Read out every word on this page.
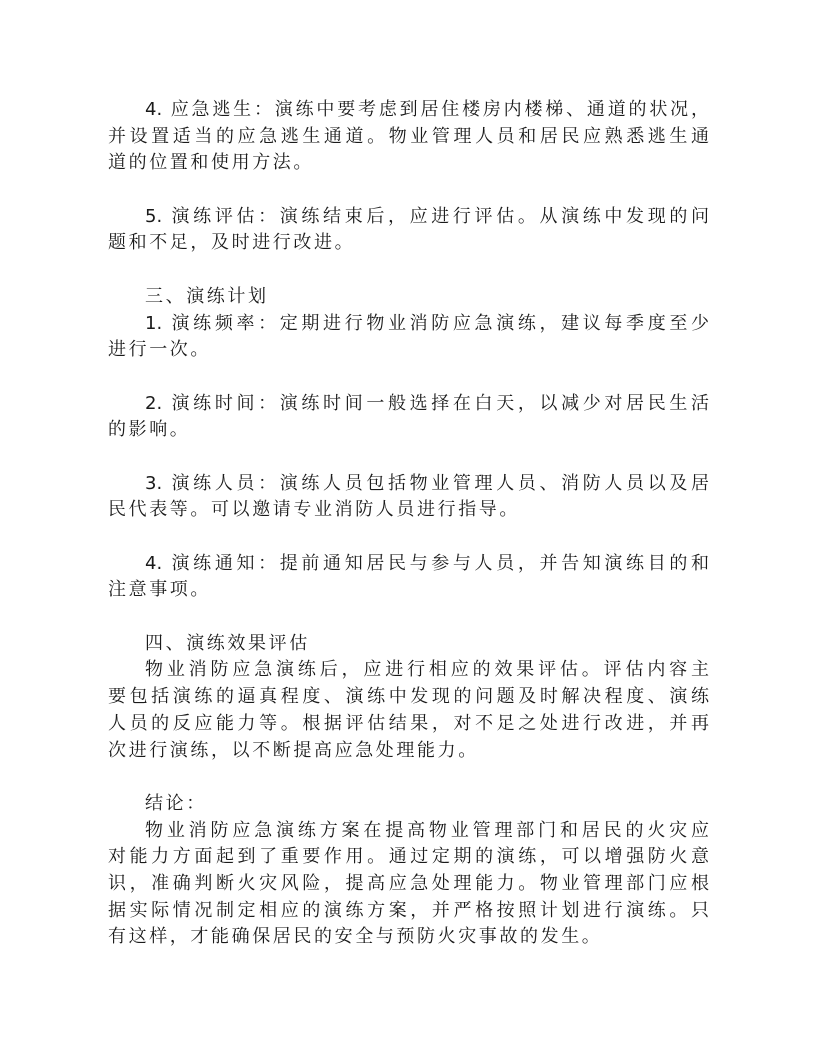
4. 应急逃生：演练中要考虑到居住楼房内楼梯、通道的状况，
并设置适当的应急逃生通道。物业管理人员和居民应熟悉逃生通
道的位置和使用方法。
5. 演练评估：演练结束后，应进行评估。从演练中发现的问
题和不足，及时进行改进。
三、演练计划
1. 演练频率：定期进行物业消防应急演练，建议每季度至少
进行一次。
2. 演练时间：演练时间一般选择在白天，以减少对居民生活
的影响。
3. 演练人员：演练人员包括物业管理人员、消防人员以及居
民代表等。可以邀请专业消防人员进行指导。
4. 演练通知：提前通知居民与参与人员，并告知演练目的和
注意事项。
四、演练效果评估
物业消防应急演练后，应进行相应的效果评估。评估内容主
要包括演练的逼真程度、演练中发现的问题及时解决程度、演练
人员的反应能力等。根据评估结果，对不足之处进行改进，并再
次进行演练，以不断提高应急处理能力。
结论：
物业消防应急演练方案在提高物业管理部门和居民的火灾应
对能力方面起到了重要作用。通过定期的演练，可以增强防火意
识，准确判断火灾风险，提高应急处理能力。物业管理部门应根
据实际情况制定相应的演练方案，并严格按照计划进行演练。只
有这样，才能确保居民的安全与预防火灾事故的发生。
